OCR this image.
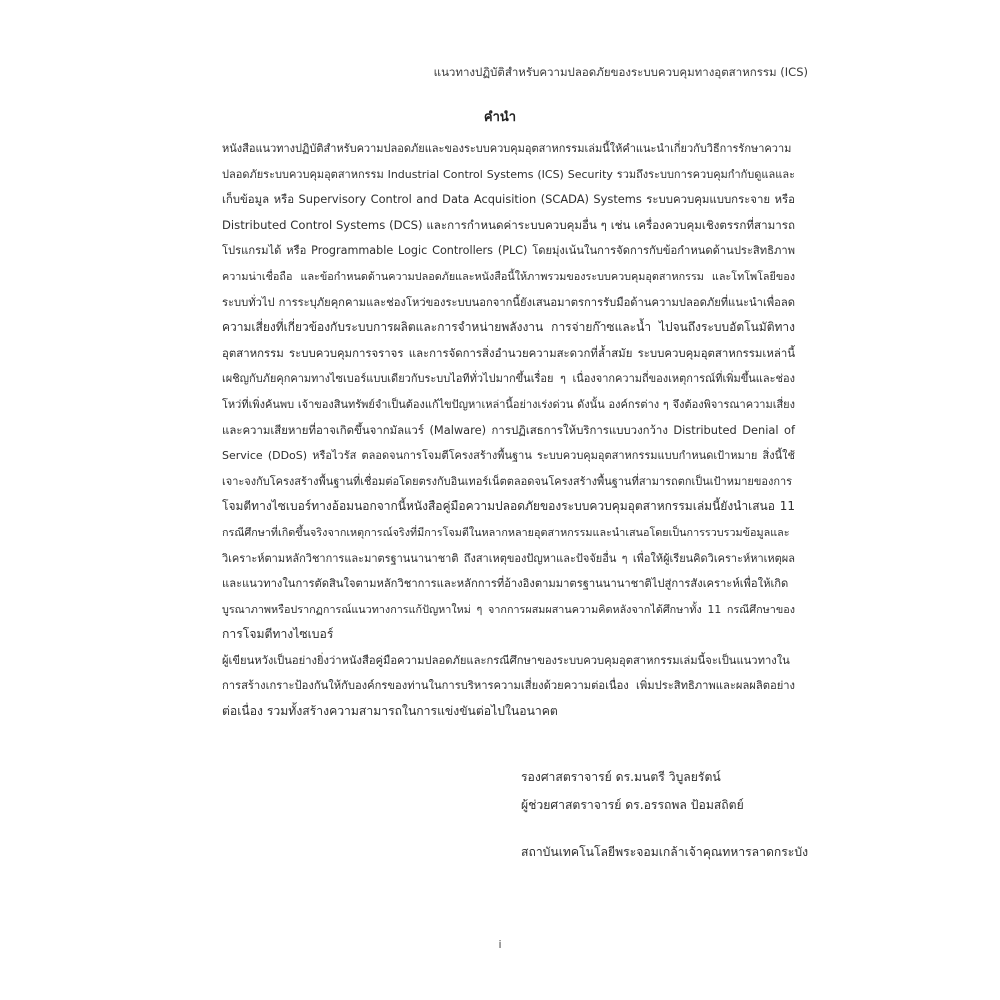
แนวทางปฏิบัติสำหรับความปลอดภัยของระบบควบคุมทางอุตสาหกรรม (ICS)
คำนำ
หนังสือแนวทางปฏิบัติสำหรับความปลอดภัยและของระบบควบคุมอุตสาหกรรมเล่มนี้ให้คำแนะนำเกี่ยวกับวิธีการรักษาความ
ปลอดภัยระบบควบคุมอุตสาหกรรม Industrial Control Systems (ICS) Security รวมถึงระบบการควบคุมกำกับดูแลและ
เก็บข้อมูล หรือ Supervisory Control and Data Acquisition (SCADA) Systems ระบบควบคุมแบบกระจาย หรือ
Distributed Control Systems (DCS) และการกำหนดค่าระบบควบคุมอื่น ๆ เช่น เครื่องควบคุมเชิงตรรกที่สามารถ
โปรแกรมได้ หรือ Programmable Logic Controllers (PLC) โดยมุ่งเน้นในการจัดการกับข้อกำหนดด้านประสิทธิภาพ
ความน่าเชื่อถือ และข้อกำหนดด้านความปลอดภัยและหนังสือนี้ให้ภาพรวมของระบบควบคุมอุตสาหกรรม และโทโพโลยีของ
ระบบทั่วไป การระบุภัยคุกคามและช่องโหว่ของระบบนอกจากนี้ยังเสนอมาตรการรับมือด้านความปลอดภัยที่แนะนำเพื่อลด
ความเสี่ยงที่เกี่ยวข้องกับระบบการผลิตและการจำหน่ายพลังงาน การจ่ายก๊าซและน้ำ ไปจนถึงระบบอัตโนมัติทาง
อุตสาหกรรม ระบบควบคุมการจราจร และการจัดการสิ่งอำนวยความสะดวกที่ล้ำสมัย ระบบควบคุมอุตสาหกรรมเหล่านี้
เผชิญกับภัยคุกคามทางไซเบอร์แบบเดียวกับระบบไอทีทั่วไปมากขึ้นเรื่อย ๆ เนื่องจากความถี่ของเหตุการณ์ที่เพิ่มขึ้นและช่อง
โหว่ที่เพิ่งค้นพบ เจ้าของสินทรัพย์จำเป็นต้องแก้ไขปัญหาเหล่านี้อย่างเร่งด่วน ดังนั้น องค์กรต่าง ๆ จึงต้องพิจารณาความเสี่ยง
และความเสียหายที่อาจเกิดขึ้นจากมัลแวร์ (Malware) การปฏิเสธการให้บริการแบบวงกว้าง Distributed Denial of
Service (DDoS) หรือไวรัส ตลอดจนการโจมตีโครงสร้างพื้นฐาน ระบบควบคุมอุตสาหกรรมแบบกำหนดเป้าหมาย สิ่งนี้ใช้
เจาะจงกับโครงสร้างพื้นฐานที่เชื่อมต่อโดยตรงกับอินเทอร์เน็ตตลอดจนโครงสร้างพื้นฐานที่สามารถตกเป็นเป้าหมายของการ
โจมตีทางไซเบอร์ทางอ้อมนอกจากนี้หนังสือคู่มือความปลอดภัยของระบบควบคุมอุตสาหกรรมเล่มนี้ยังนำเสนอ 11
กรณีศึกษาที่เกิดขึ้นจริงจากเหตุการณ์จริงที่มีการโจมตีในหลากหลายอุตสาหกรรมและนำเสนอโดยเป็นการรวบรวมข้อมูลและ
วิเคราะห์ตามหลักวิชาการและมาตรฐานนานาชาติ ถึงสาเหตุของปัญหาและปัจจัยอื่น ๆ เพื่อให้ผู้เรียนคิดวิเคราะห์หาเหตุผล
และแนวทางในการตัดสินใจตามหลักวิชาการและหลักการที่อ้างอิงตามมาตรฐานนานาชาติไปสู่การสังเคราะห์เพื่อให้เกิด
บูรณาภาพหรือปรากฏการณ์แนวทางการแก้ปัญหาใหม่ ๆ จากการผสมผสานความคิดหลังจากได้ศึกษาทั้ง 11 กรณีศึกษาของ
การโจมตีทางไซเบอร์
ผู้เขียนหวังเป็นอย่างยิ่งว่าหนังสือคู่มือความปลอดภัยและกรณีศึกษาของระบบควบคุมอุตสาหกรรมเล่มนี้จะเป็นแนวทางใน
การสร้างเกราะป้องกันให้กับองค์กรของท่านในการบริหารความเสี่ยงด้วยความต่อเนื่อง เพิ่มประสิทธิภาพและผลผลิตอย่าง
ต่อเนื่อง รวมทั้งสร้างความสามารถในการแข่งขันต่อไปในอนาคต
รองศาสตราจารย์ ดร.มนตรี วิบูลยรัตน์
ผู้ช่วยศาสตราจารย์ ดร.อรรถพล ป้อมสถิตย์
สถาบันเทคโนโลยีพระจอมเกล้าเจ้าคุณทหารลาดกระบัง
i
